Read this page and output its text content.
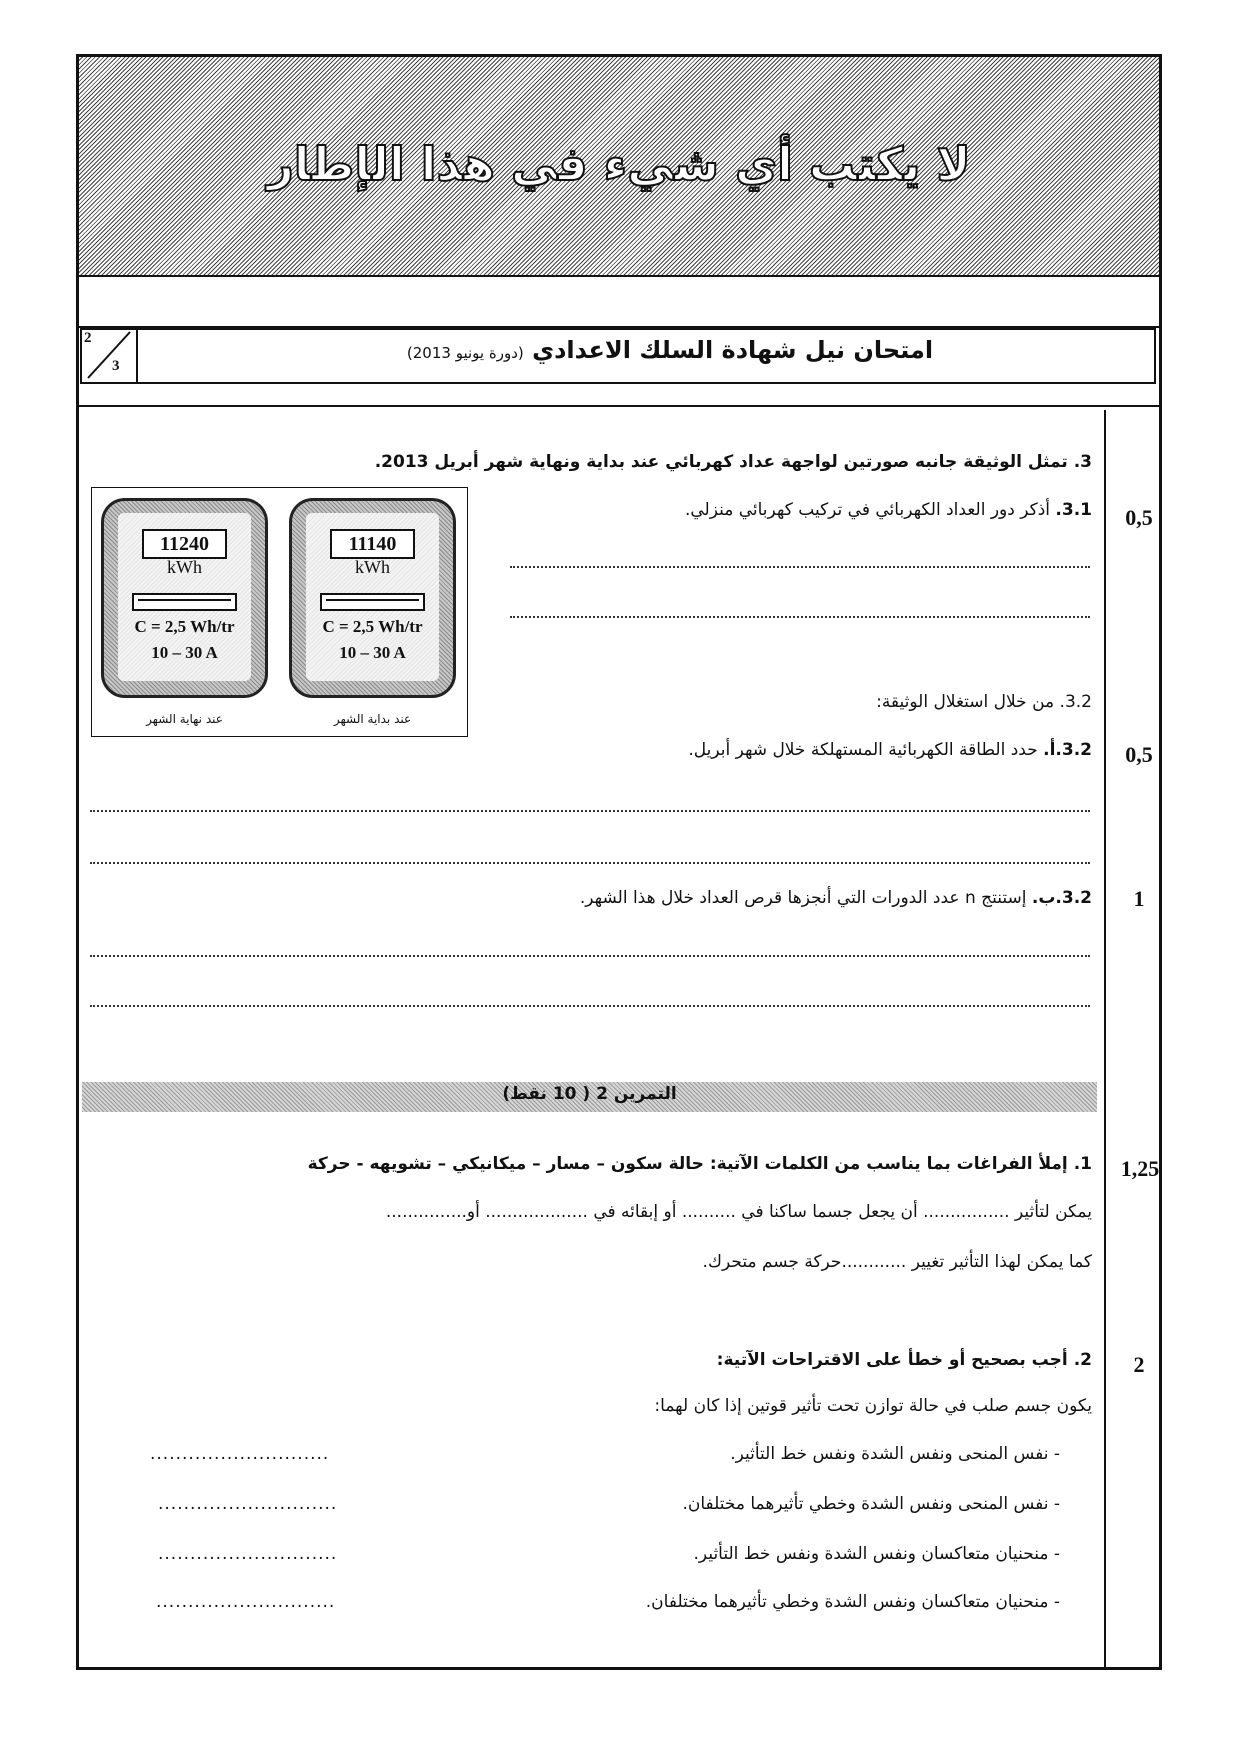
لا يكتب أي شيء في هذا الإطار
2
3
امتحان نيل شهادة السلك الاعدادي (دورة يونيو 2013)
3. تمثل الوثيقة جانبه صورتين لواجهة عداد كهربائي عند بداية ونهاية شهر أبريل 2013.
3.1. أذكر دور العداد الكهربائي في تركيب كهربائي منزلي.	0,5
3.2. من خلال استغلال الوثيقة:
3.2.أ. حدد الطاقة الكهربائية المستهلكة خلال شهر أبريل.	0,5
3.2.ب. إستنتج n عدد الدورات التي أنجزها قرص العداد خلال هذا الشهر.	1
11240
kWh
C = 2,5 Wh/tr
10 – 30 A
عند نهاية الشهر
11140
kWh
C = 2,5 Wh/tr
10 – 30 A
عند بداية الشهر
التمرين 2 ( 10 نقط)
1. إملأ الفراغات بما يناسب من الكلمات الآتية: حالة سكون – مسار – ميكانيكي – تشويهه - حركة	1,25
يمكن لتأثير ................ أن يجعل جسما ساكنا في .......... أو إبقائه في ................... أو...............
كما يمكن لهذا التأثير تغيير ............حركة جسم متحرك.
2. أجب بصحيح أو خطأ على الاقتراحات الآتية:	2
يكون جسم صلب في حالة توازن تحت تأثير قوتين إذا كان لهما:
- نفس المنحى ونفس الشدة ونفس خط التأثير.
............................
- نفس المنحى ونفس الشدة وخطي تأثيرهما مختلفان.
............................
- منحنيان متعاكسان ونفس الشدة ونفس خط التأثير.
............................
- منحنيان متعاكسان ونفس الشدة وخطي تأثيرهما مختلفان.
............................
